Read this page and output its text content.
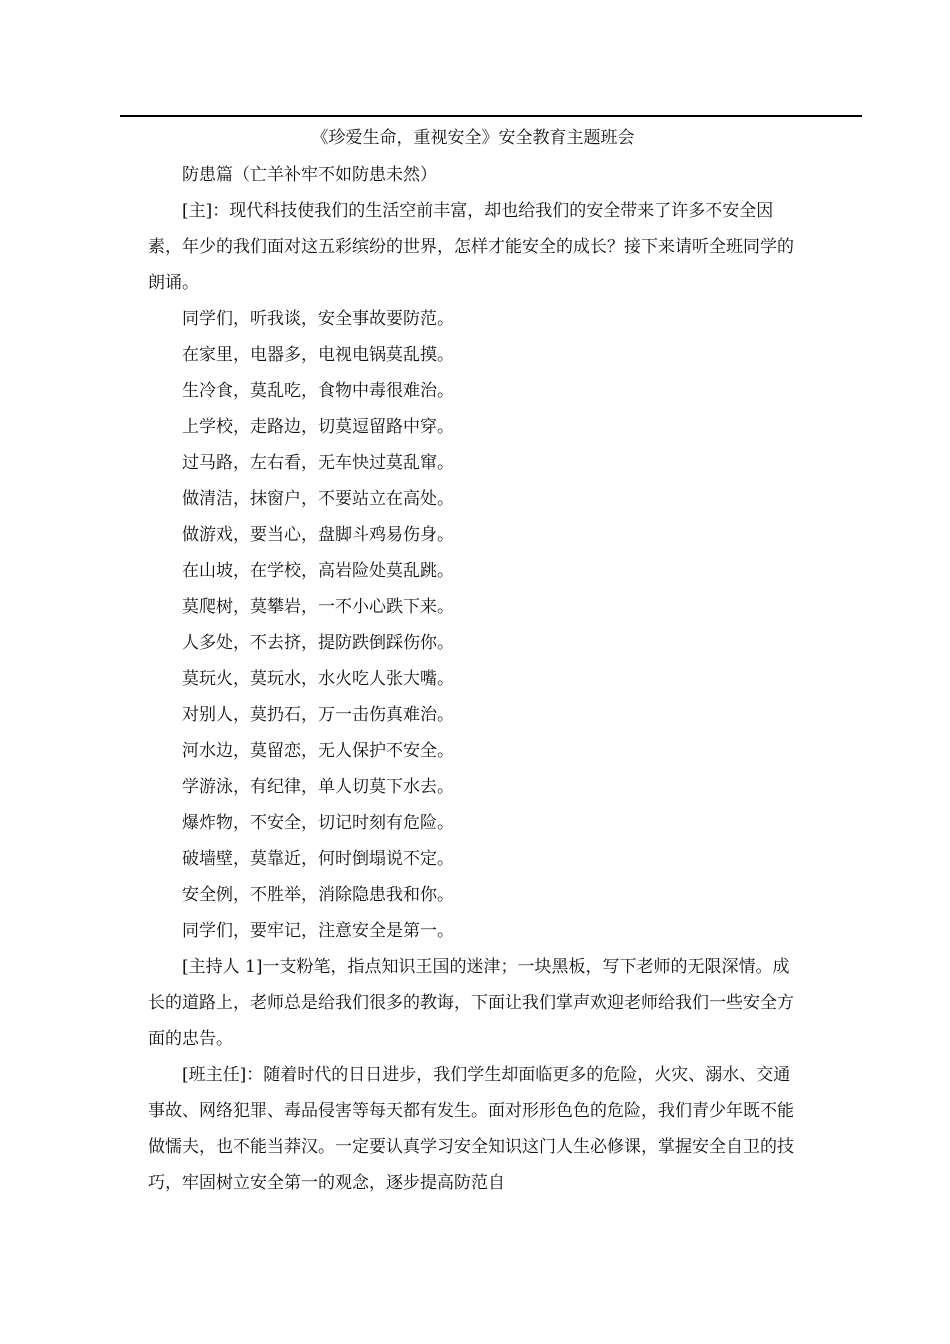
《珍爱生命，重视安全》安全教育主题班会

防患篇（亡羊补牢不如防患未然）

[主]：现代科技使我们的生活空前丰富，却也给我们的安全带来了许多不安全因素，年少的我们面对这五彩缤纷的世界，怎样才能安全的成长？接下来请听全班同学的朗诵。

同学们，听我谈，安全事故要防范。

在家里，电器多，电视电锅莫乱摸。

生冷食，莫乱吃，食物中毒很难治。

上学校，走路边，切莫逗留路中穿。

过马路，左右看，无车快过莫乱窜。

做清洁，抹窗户，不要站立在高处。

做游戏，要当心，盘脚斗鸡易伤身。

在山坡，在学校，高岩险处莫乱跳。

莫爬树，莫攀岩，一不小心跌下来。

人多处，不去挤，提防跌倒踩伤你。

莫玩火，莫玩水，水火吃人张大嘴。

对别人，莫扔石，万一击伤真难治。

河水边，莫留恋，无人保护不安全。

学游泳，有纪律，单人切莫下水去。

爆炸物，不安全，切记时刻有危险。

破墙壁，莫靠近，何时倒塌说不定。

安全例，不胜举，消除隐患我和你。

同学们，要牢记，注意安全是第一。

[主持人 1]一支粉笔，指点知识王国的迷津；一块黑板，写下老师的无限深情。成长的道路上，老师总是给我们很多的教诲，下面让我们掌声欢迎老师给我们一些安全方面的忠告。

[班主任]：随着时代的日日进步，我们学生却面临更多的危险，火灾、溺水、交通事故、网络犯罪、毒品侵害等每天都有发生。面对形形色色的危险，我们青少年既不能做懦夫，也不能当莽汉。一定要认真学习安全知识这门人生必修课，掌握安全自卫的技巧，牢固树立安全第一的观念，逐步提高防范自
